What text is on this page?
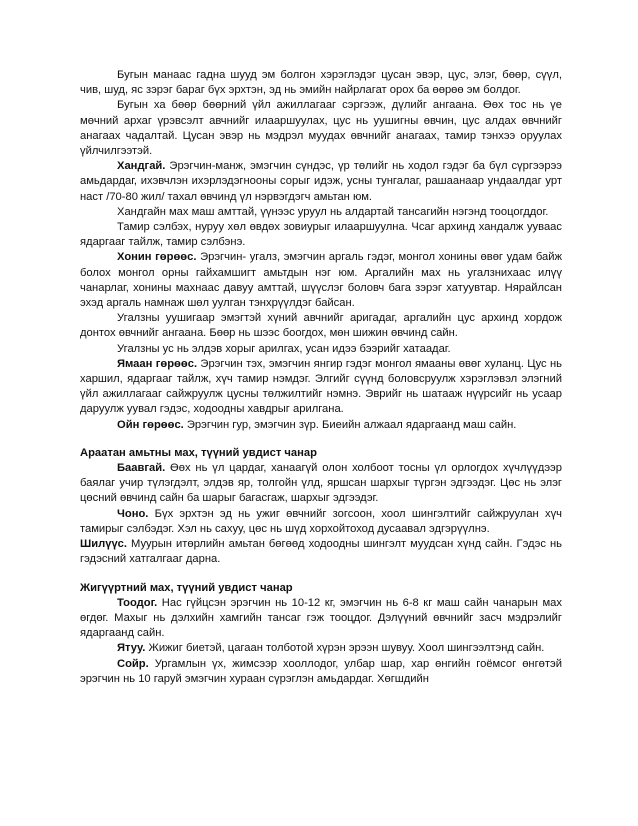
Бугын манаас гадна шууд эм болгон хэрэглэдэг цусан эвэр, цус, элэг, бөөр, сүүл, чив, шуд, яс зэрэг бараг бүх эрхтэн, эд нь эмийн найрлагат орох ба өөрөө эм болдог.

Бугын ха бөөр бөөрний үйл ажиллагааг сэргээж, дүлийг ангаана. Өөх тос нь үе мөчний архаг үрэвсэлт авчнийг илааршуулах, цус нь уушигны өвчин, цус алдах өвчнийг анагаах чадалтай. Цусан эвэр нь мэдрэл муудах өвчнийг анагаах, тамир тэнхээ оруулах үйлчилгээтэй.

Хандгай. Эрэгчин-манж, эмэгчин сүндэс, үр төлийг нь ходол гэдэг ба бүл сүргээрээ амьдардаг, ихэвчлэн ихэрлэдэгнооны сорыг идэж, усны тунгалаг, рашаанаар ундаалдаг урт наст /70-80 жил/ тахал өвчинд үл нэрвэгдэгч амьтан юм.

Хандгайн мах маш амттай, үүнээс уруул нь алдартай тансагийн нэгэнд тооцогддог.

Тамир сэлбэх, нуруу хөл өвдөх зовиурыг илааршуулна. Чсаг архинд хандалж ууваас ядаргааг тайлж, тамир сэлбэнэ.

Хонин гөрөөс. Эрэгчин- угалз, эмэгчин аргаль гэдэг, монгол хонины өвөг удам байж болох монгол орны гайхамшигт амьтдын нэг юм. Аргалийн мах нь угалзнихаас илүү чанарлаг, хонины махнаас давуу амттай, шүүслэг боловч бага зэрэг хатуувтар. Нярайлсан эхэд аргаль намнаж шөл уулган тэнхрүүлдэг байсан.

Угалзны уушигаар эмэгтэй хүний авчнийг аригадаг, аргалийн цус архинд хордож донтох өвчнийг ангаана. Бөөр нь шээс боогдох, мөн шижин өвчинд сайн.

Угалзны ус нь элдэв хорыг арилгах, усан идээ бээрийг хатаадаг.

Ямаан гөрөөс. Эрэгчин тэх, эмэгчин янгир гэдэг монгол ямааны өвөг хуланц. Цус нь харшил, ядаргааг тайлж, хүч тамир нэмдэг. Элгийг сүүнд боловсруулж хэрэглэвэл элэгний үйл ажиллагааг сайжруулж цусны төлжилтийг нэмнэ. Эврийг нь шатааж нүүрсийг нь усаар даруулж уувал гэдэс, ходоодны хавдрыг арилгана.

Ойн гөрөөс. Эрэгчин гур, эмэгчин зүр. Биеийн алжаал ядаргаанд маш сайн.

Араатан амьтны мах, түүний увдист чанар

Баавгай. Өөх нь үл цардаг, ханаагүй олон холбоот тосны үл орлогдох хүчлүүдээр баялаг учир түлэгдэлт, элдэв яр, толгойн үлд, яршсан шархыг түргэн эдгээдэг. Цөс нь элэг цөсний өвчинд сайн ба шарыг багасгаж, шархыг эдгээдэг.

Чоно. Бүх эрхтэн эд нь ужиг өвчнийг зогсоон, хоол шингэлтийг сайжруулан хүч тамирыг сэлбэдэг. Хэл нь сахуу, цөс нь шүд хорхойтоход дусаавал эдгэрүүлнэ.

Шилүүс. Муурын итөрлийн амьтан бөгөөд ходоодны шингэлт муудсан хүнд сайн. Гэдэс нь гэдэсний хатгалгааг дарна.

Жигүүртний мах, түүний увдист чанар

Тоодог. Нас гүйцсэн эрэгчин нь 10-12 кг, эмэгчин нь 6-8 кг маш сайн чанарын мах өгдөг. Махыг нь дэлхийн хамгийн тансаг гэж тооцдог. Дэлүүний өвчнийг засч мэдрэлийг ядаргаанд сайн.

Ятуу. Жижиг биетэй, цагаан толботой хүрэн эрээн шувуу. Хоол шингээлтэнд сайн.

Сойр. Ургамлын үх, жимсээр хооллодог, улбар шар, хар өнгийн гоёмсог өнгөтэй эрэгчин нь 10 гаруй эмэгчин хураан сүрэглэн амьдардаг. Хөгшдийн
